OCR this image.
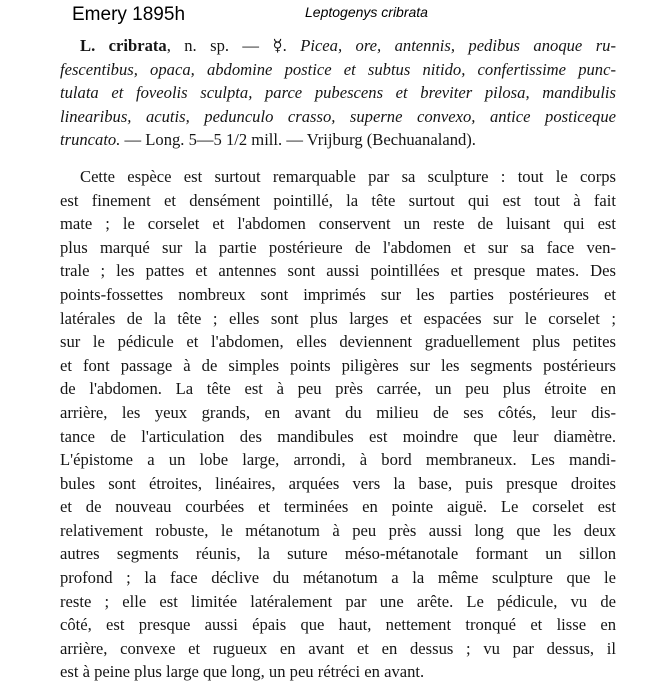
Emery 1895h	Leptogenys cribrata
L. cribrata, n. sp. — ☿. Picea, ore, antennis, pedibus anoque ru-
fescentibus, opaca, abdomine postice et subtus nitido, confertissime punc-
tulata et foveolis sculpta, parce pubescens et breviter pilosa, mandibulis
linearibus, acutis, pedunculo crasso, superne convexo, antice posticeque
truncato. — Long. 5—5 1/2 mill. — Vrijburg (Bechuanaland).
Cette espèce est surtout remarquable par sa sculpture : tout le corps
est finement et densément pointillé, la tête surtout qui est tout à fait
mate ; le corselet et l'abdomen conservent un reste de luisant qui est
plus marqué sur la partie postérieure de l'abdomen et sur sa face ven-
trale ; les pattes et antennes sont aussi pointillées et presque mates. Des
points-fossettes nombreux sont imprimés sur les parties postérieures et
latérales de la tête ; elles sont plus larges et espacées sur le corselet ;
sur le pédicule et l'abdomen, elles deviennent graduellement plus petites
et font passage à de simples points piligères sur les segments postérieurs
de l'abdomen. La tête est à peu près carrée, un peu plus étroite en
arrière, les yeux grands, en avant du milieu de ses côtés, leur dis-
tance de l'articulation des mandibules est moindre que leur diamètre.
L'épistome a un lobe large, arrondi, à bord membraneux. Les mandi-
bules sont étroites, linéaires, arquées vers la base, puis presque droites
et de nouveau courbées et terminées en pointe aiguë. Le corselet est
relativement robuste, le métanotum à peu près aussi long que les deux
autres segments réunis, la suture méso-métanotale formant un sillon
profond ; la face déclive du métanotum a la même sculpture que le
reste ; elle est limitée latéralement par une arête. Le pédicule, vu de
côté, est presque aussi épais que haut, nettement tronqué et lisse en
arrière, convexe et rugueux en avant et en dessus ; vu par dessus, il
est à peine plus large que long, un peu rétréci en avant.
